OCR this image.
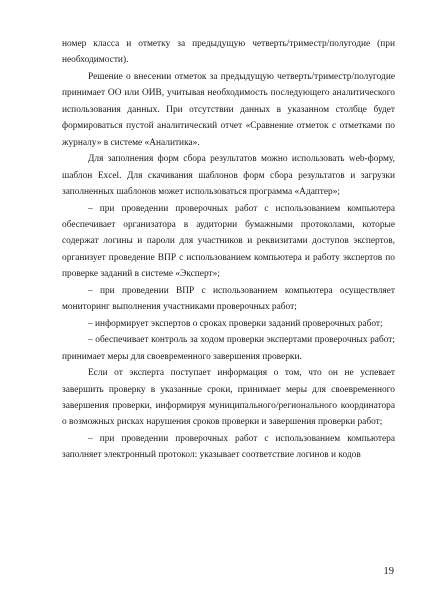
номер класса и отметку за предыдущую четверть/триместр/полугодие (при необходимости).

Решение о внесении отметок за предыдущую четверть/триместр/полугодие принимает ОО или ОИВ, учитывая необходимость последующего аналитического использования данных. При отсутствии данных в указанном столбце будет формироваться пустой аналитический отчет «Сравнение отметок с отметками по журналу» в системе «Аналитика».

Для заполнения форм сбора результатов можно использовать web-форму, шаблон Excel. Для скачивания шаблонов форм сбора результатов и загрузки заполненных шаблонов может использоваться программа «Адаптер»;

– при проведении проверочных работ с использованием компьютера обеспечивает организатора в аудитории бумажными протоколами, которые содержат логины и пароли для участников и реквизитами доступов экспертов, организует проведение ВПР с использованием компьютера и работу экспертов по проверке заданий в системе «Эксперт»;

– при проведении ВПР с использованием компьютера осуществляет мониторинг выполнения участниками проверочных работ;

– информирует экспертов о сроках проверки заданий проверочных работ;

– обеспечивает контроль за ходом проверки экспертами проверочных работ; принимает меры для своевременного завершения проверки.

Если от эксперта поступает информация о том, что он не успевает завершить проверку в указанные сроки, принимает меры для своевременного завершения проверки, информируя муниципального/регионального координатора о возможных рисках нарушения сроков проверки и завершения проверки работ;

– при проведении проверочных работ с использованием компьютера заполняет электронный протокол: указывает соответствие логинов и кодов

19
